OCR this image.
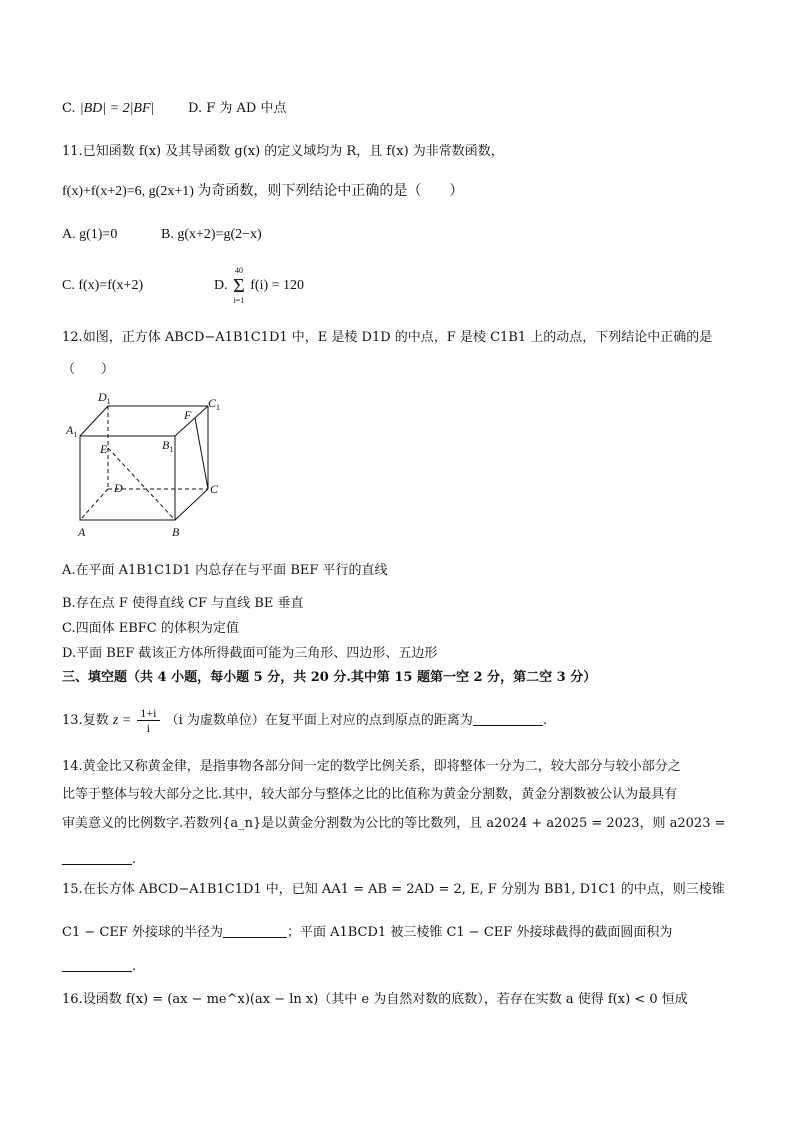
C. |BD| = 2|BF|	D. F 为 AD 中点
11.已知函数 f(x) 及其导函数 g(x) 的定义域均为 R，且 f(x) 为非常数函数，
f(x)+f(x+2)=6, g(2x+1) 为奇函数，则下列结论中正确的是（　　）
A. g(1)=0	B. g(x+2)=g(2−x)
C. f(x)=f(x+2)	D.
40
Σ
i=1
f(i) = 120
12.如图，正方体 ABCD−A1B1C1D1 中，E 是棱 D1D 的中点，F 是棱 C1B1 上的动点，下列结论中正确的是
（　　）
$D_1$	$C_1$
$A_1$
$B_1$
E
F
D	C
A	B
A.在平面 A1B1C1D1 内总存在与平面 BEF 平行的直线
B.存在点 F 使得直线 CF 与直线 BE 垂直
C.四面体 EBFC 的体积为定值
D.平面 BEF 截该正方体所得截面可能为三角形、四边形、五边形
三、填空题（共 4 小题，每小题 5 分，共 20 分.其中第 15 题第一空 2 分，第二空 3 分）
13.复数 $z = \frac{1+i}{i} (i$ 为虚数单位）在复平面上对应的点到原点的距离为	.
14.黄金比又称黄金律，是指事物各部分间一定的数学比例关系，即将整体一分为二，较大部分与较小部分之
比等于整体与较大部分之比.其中，较大部分与整体之比的比值称为黄金分割数，黄金分割数被公认为最具有
审美意义的比例数字.若数列{a_n}是以黄金分割数为公比的等比数列，且 a2024 + a2025 = 2023，则 a2023 =
.
15.在长方体 ABCD−A1B1C1D1 中，已知 AA1 = AB = 2AD = 2, E, F 分别为 BB1, D1C1 的中点，则三棱锥
C1 − CEF 外接球的半径为	；平面 A1BCD1 被三棱锥 C1 − CEF 外接球截得的截面圆面积为
.
16.设函数 f(x) = (ax − me^x)(ax − ln x)（其中 e 为自然对数的底数），若存在实数 a 使得 f(x) < 0 恒成
